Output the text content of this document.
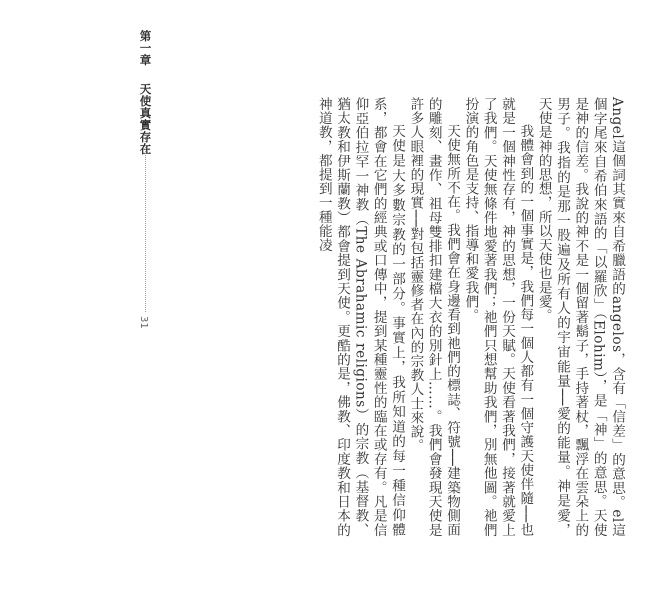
第一章 天使真實存在
31	Angel這個詞其實來自希臘語的angelos，含有「信差」的意思。el這個字尾來自希伯來語的「以羅欣」（Elohim），是「神」的意思。天使是神的信差。我說的神不是一個留著鬍子，手持著杖，飄浮在雲朵上的男子。我指的是那一股遍及所有人的宇宙能量──愛的能量。神是愛，天使是神的思想，所以天使也是愛。

我體會到的一個事實是，我們每一個人都有一個守護天使伴隨──也就是一個神性存有，神的思想，一份天賦。天使看著我們，接著就愛上了我們。天使無條件地愛著我們；祂們只想幫助我們，別無他圖。祂們扮演的角色是支持、指導和愛我們。

天使無所不在。我們會在身邊看到祂們的標誌、符號──建築物側面的雕刻、畫作、祖母雙排扣建檔大衣的別針上……。我們會發現天使是許多人眼裡的現實──對包括靈修者在內的宗教人士來說。

天使是大多數宗教的一部分。事實上，我所知道的每一種信仰體系，都會在它們的經典或口傳中，提到某種靈性的臨在或存有。凡是信仰亞伯拉罕一神教（The Abrahamic religions）的宗教（基督教、猶太教和伊斯蘭教）都會提到天使。更酷的是，佛教、印度教和日本的神道教，都提到一種能凌
